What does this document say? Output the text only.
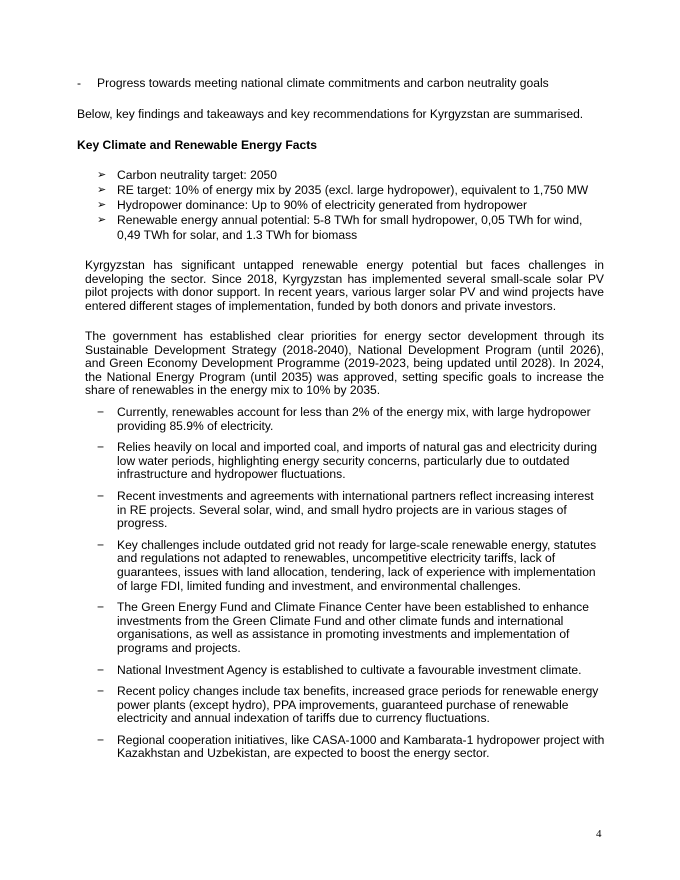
- Progress towards meeting national climate commitments and carbon neutrality goals
Below, key findings and takeaways and key recommendations for Kyrgyzstan are summarised.
Key Climate and Renewable Energy Facts
➢ Carbon neutrality target: 2050
➢ RE target: 10% of energy mix by 2035 (excl. large hydropower), equivalent to 1,750 MW
➢ Hydropower dominance: Up to 90% of electricity generated from hydropower
➢ Renewable energy annual potential: 5-8 TWh for small hydropower, 0,05 TWh for wind, 0,49 TWh for solar, and 1.3 TWh for biomass

Kyrgyzstan has significant untapped renewable energy potential but faces challenges in developing the sector. Since 2018, Kyrgyzstan has implemented several small-scale solar PV pilot projects with donor support. In recent years, various larger solar PV and wind projects have entered different stages of implementation, funded by both donors and private investors.

The government has established clear priorities for energy sector development through its Sustainable Development Strategy (2018-2040), National Development Program (until 2026), and Green Economy Development Programme (2019-2023, being updated until 2028). In 2024, the National Energy Program (until 2035) was approved, setting specific goals to increase the share of renewables in the energy mix to 10% by 2035.

− Currently, renewables account for less than 2% of the energy mix, with large hydropower providing 85.9% of electricity.
− Relies heavily on local and imported coal, and imports of natural gas and electricity during low water periods, highlighting energy security concerns, particularly due to outdated infrastructure and hydropower fluctuations.
− Recent investments and agreements with international partners reflect increasing interest in RE projects. Several solar, wind, and small hydro projects are in various stages of progress.
− Key challenges include outdated grid not ready for large-scale renewable energy, statutes and regulations not adapted to renewables, uncompetitive electricity tariffs, lack of guarantees, issues with land allocation, tendering, lack of experience with implementation of large FDI, limited funding and investment, and environmental challenges.
− The Green Energy Fund and Climate Finance Center have been established to enhance investments from the Green Climate Fund and other climate funds and international organisations, as well as assistance in promoting investments and implementation of programs and projects.
− National Investment Agency is established to cultivate a favourable investment climate.
− Recent policy changes include tax benefits, increased grace periods for renewable energy power plants (except hydro), PPA improvements, guaranteed purchase of renewable electricity and annual indexation of tariffs due to currency fluctuations.
− Regional cooperation initiatives, like CASA-1000 and Kambarata-1 hydropower project with Kazakhstan and Uzbekistan, are expected to boost the energy sector.
4
